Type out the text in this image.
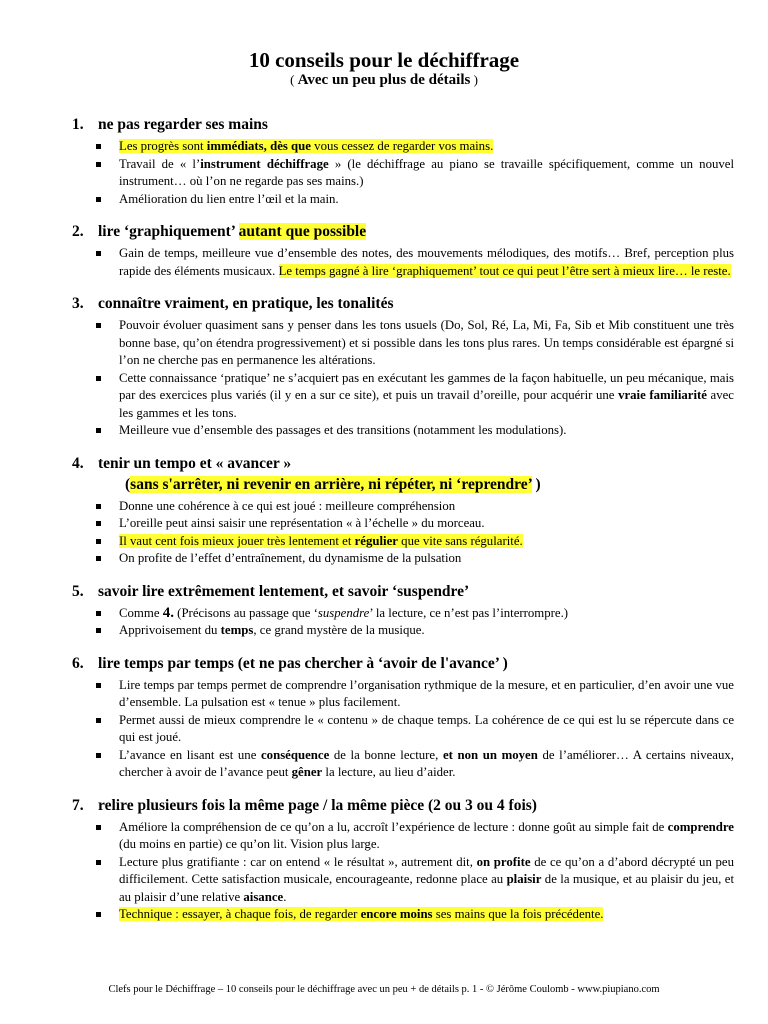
10 conseils pour le déchiffrage
( Avec un peu plus de détails )
1. ne pas regarder ses mains
Les progrès sont immédiats, dès que vous cessez de regarder vos mains.
Travail de « l’instrument déchiffrage » (le déchiffrage au piano se travaille spécifiquement, comme un nouvel instrument… où l’on ne regarde pas ses mains.)
Amélioration du lien entre l’œil et la main.
2. lire ‘graphiquement’ autant que possible
Gain de temps, meilleure vue d’ensemble des notes, des mouvements mélodiques, des motifs… Bref, perception plus rapide des éléments musicaux. Le temps gagné à lire ‘graphiquement’ tout ce qui peut l’être sert à mieux lire… le reste.
3. connaître vraiment, en pratique, les tonalités
Pouvoir évoluer quasiment sans y penser dans les tons usuels (Do, Sol, Ré, La, Mi, Fa, Sib et Mib constituent une très bonne base, qu’on étendra progressivement) et si possible dans les tons plus rares. Un temps considérable est épargné si l’on ne cherche pas en permanence les altérations.
Cette connaissance ‘pratique’ ne s’acquiert pas en exécutant les gammes de la façon habituelle, un peu mécanique, mais par des exercices plus variés (il y en a sur ce site), et puis un travail d’oreille, pour acquérir une vraie familiarité avec les gammes et les tons.
Meilleure vue d’ensemble des passages et des transitions (notamment les modulations).
4. tenir un tempo et « avancer »
(sans s'arrêter, ni revenir en arrière, ni répéter, ni ‘reprendre’ )
Donne une cohérence à ce qui est joué : meilleure compréhension
L’oreille peut ainsi saisir une représentation « à l’échelle » du morceau.
Il vaut cent fois mieux jouer très lentement et régulier que vite sans régularité.
On profite de l’effet d’entraînement, du dynamisme de la pulsation
5. savoir lire extrêmement lentement, et savoir ‘suspendre’
Comme 4. (Précisons au passage que ‘suspendre’ la lecture, ce n’est pas l’interrompre.)
Apprivoisement du temps, ce grand mystère de la musique.
6. lire temps par temps (et ne pas chercher à ‘avoir de l'avance’ )
Lire temps par temps permet de comprendre l’organisation rythmique de la mesure, et en particulier, d’en avoir une vue d’ensemble. La pulsation est « tenue » plus facilement.
Permet aussi de mieux comprendre le « contenu » de chaque temps. La cohérence de ce qui est lu se répercute dans ce qui est joué.
L’avance en lisant est une conséquence de la bonne lecture, et non un moyen de l’améliorer… A certains niveaux, chercher à avoir de l’avance peut gêner la lecture, au lieu d’aider.
7. relire plusieurs fois la même page / la même pièce (2 ou 3 ou 4 fois)
Améliore la compréhension de ce qu’on a lu, accroît l’expérience de lecture : donne goût au simple fait de comprendre (du moins en partie) ce qu’on lit. Vision plus large.
Lecture plus gratifiante : car on entend « le résultat », autrement dit, on profite de ce qu’on a d’abord décrypté un peu difficilement. Cette satisfaction musicale, encourageante, redonne place au plaisir de la musique, et au plaisir du jeu, et au plaisir d’une relative aisance.
Technique : essayer, à chaque fois, de regarder encore moins ses mains que la fois précédente.
Clefs pour le Déchiffrage – 10 conseils pour le déchiffrage avec un peu + de détails p. 1 - © Jérôme Coulomb - www.piupiano.com
